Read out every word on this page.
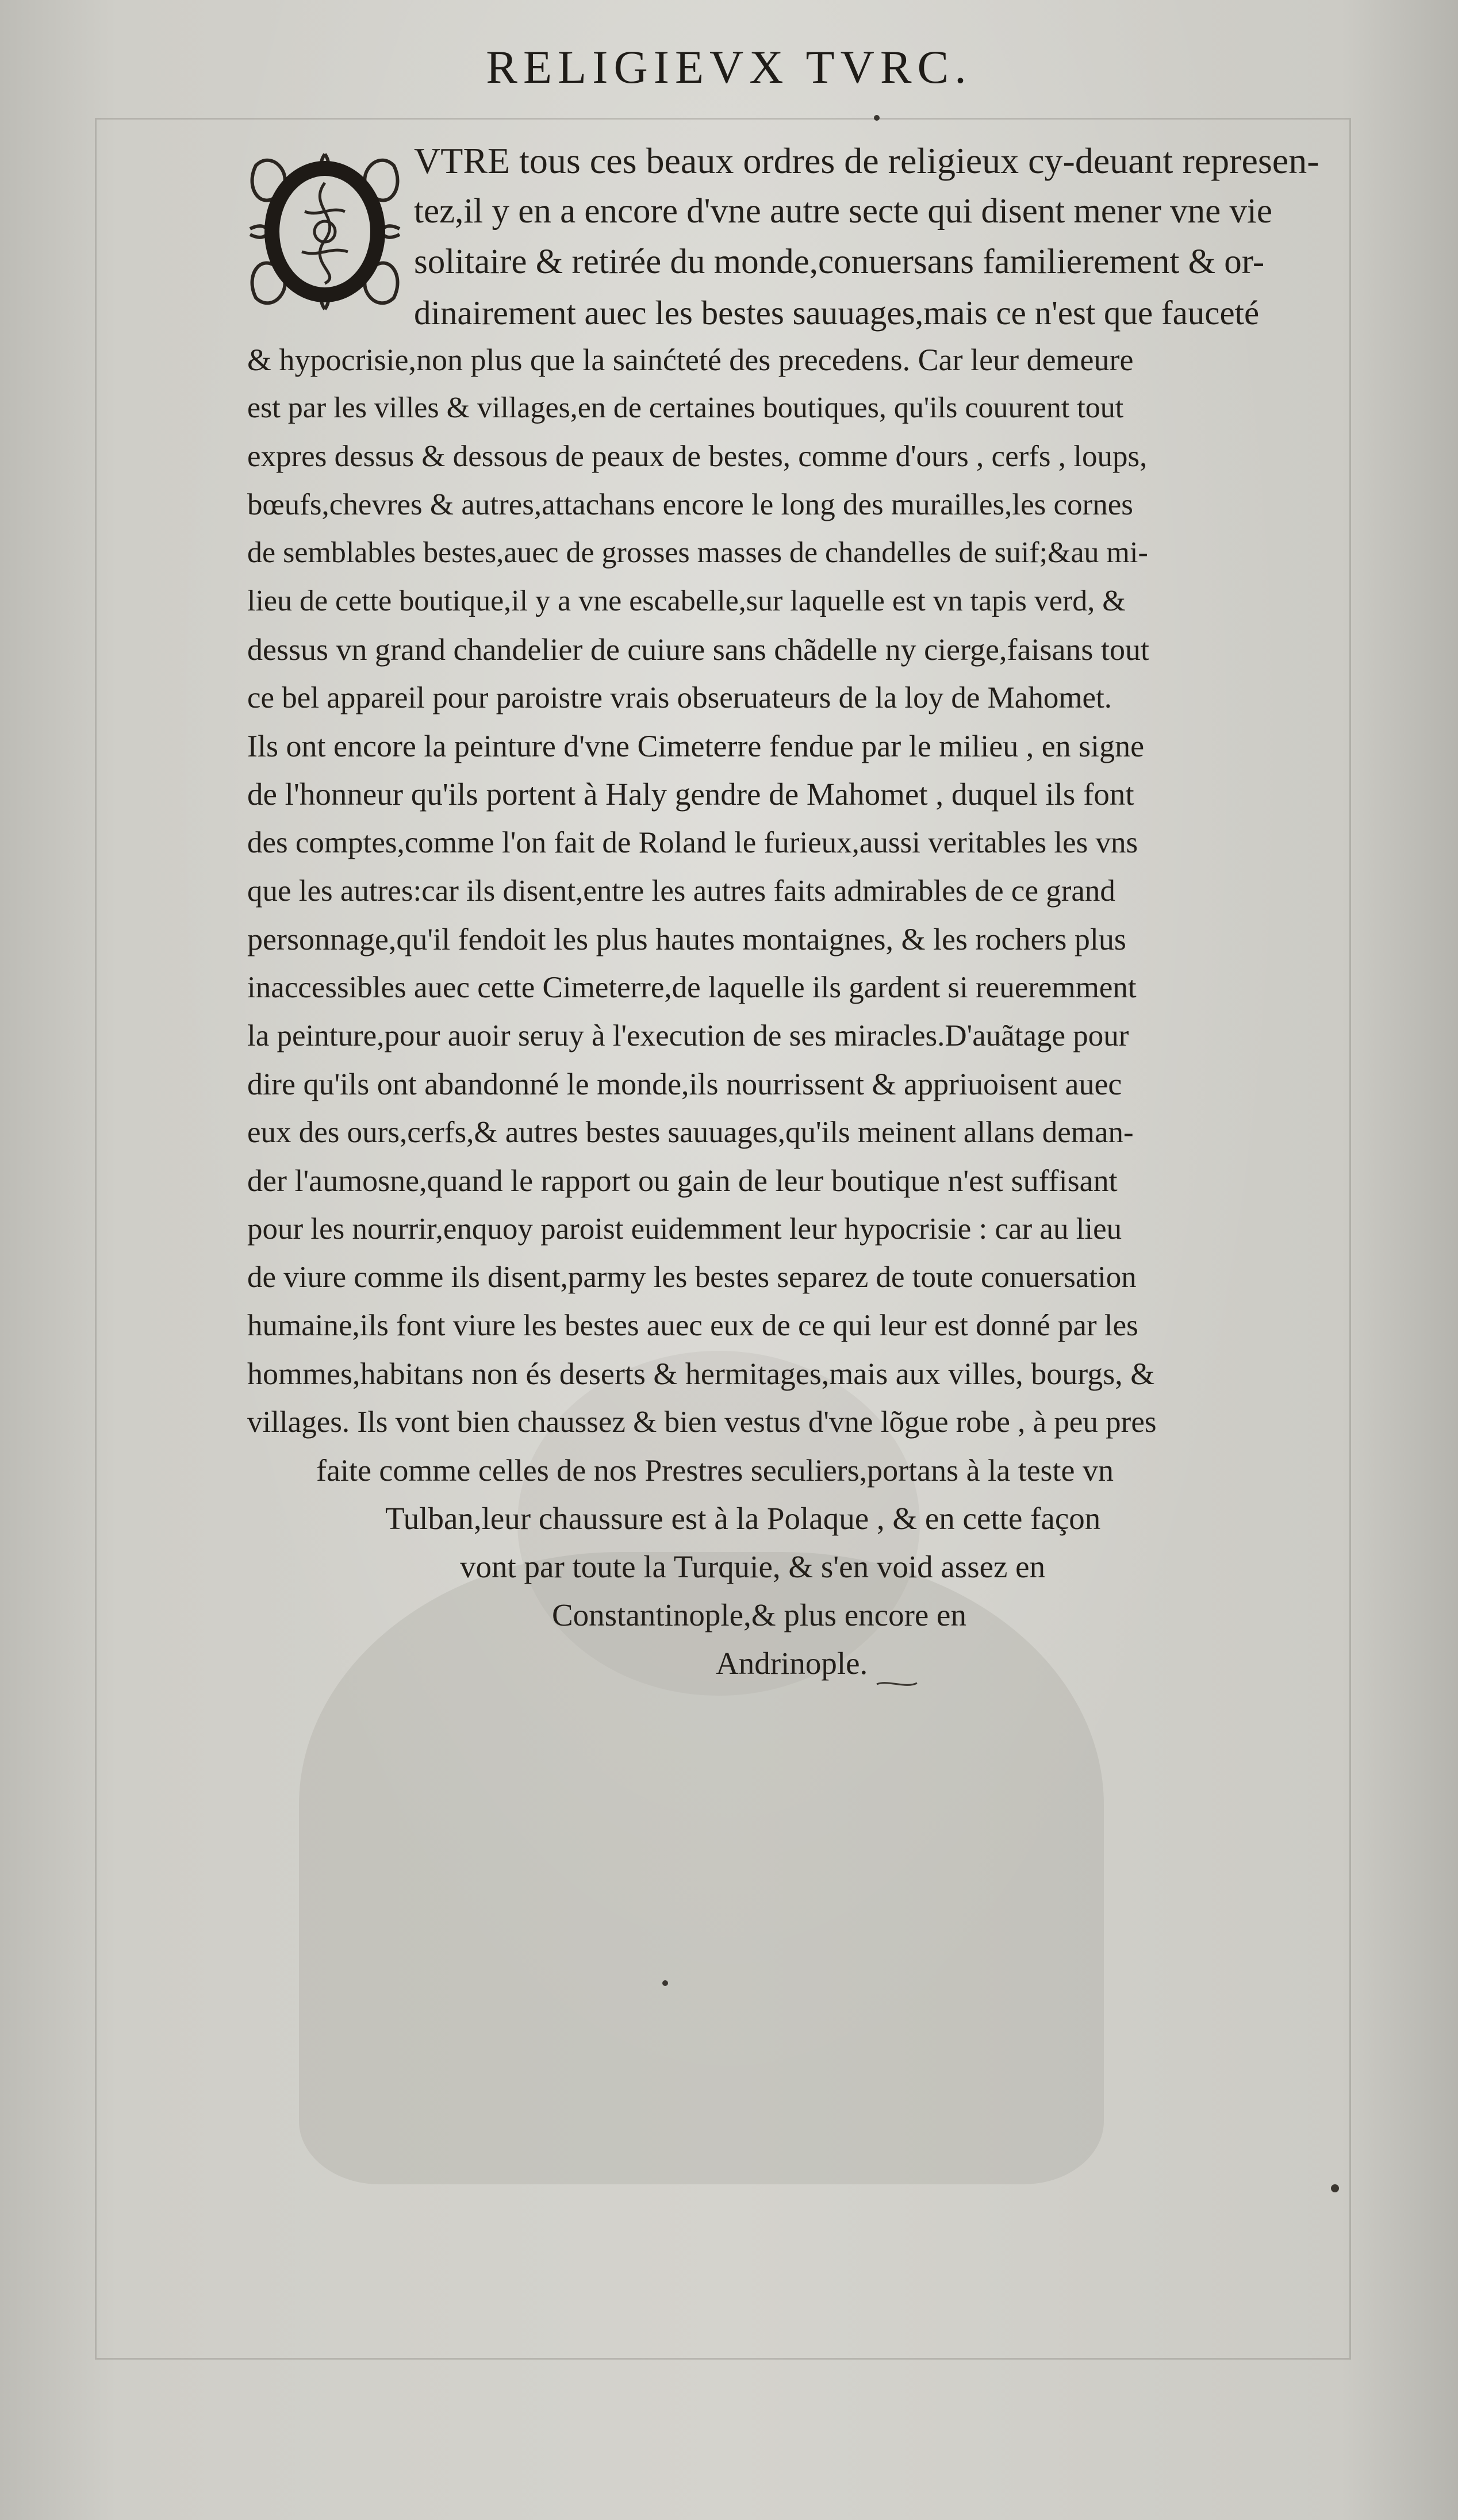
RELIGIEVX TVRC.
VTRE tous ces beaux ordres de religieux cy-deuant represen-
tez,il y en a encore d'vne autre secte qui disent mener vne vie
solitaire & retirée du monde,conuersans familierement & or-
dinairement auec les bestes sauuages,mais ce n'est que fauceté
& hypocrisie,non plus que la sainćteté des precedens. Car leur demeure
est par les villes & villages,en de certaines boutiques, qu'ils couurent tout
expres dessus & dessous de peaux de bestes, comme d'ours , cerfs , loups,
bœufs,chevres & autres,attachans encore le long des murailles,les cornes
de semblables bestes,auec de grosses masses de chandelles de suif;&au mi-
lieu de cette boutique,il y a vne escabelle,sur laquelle est vn tapis verd, &
dessus vn grand chandelier de cuiure sans chãdelle ny cierge,faisans tout
ce bel appareil pour paroistre vrais obseruateurs de la loy de Mahomet.
Ils ont encore la peinture d'vne Cimeterre fendue par le milieu , en signe
de l'honneur qu'ils portent à Haly gendre de Mahomet , duquel ils font
des comptes,comme l'on fait de Roland le furieux,aussi veritables les vns
que les autres:car ils disent,entre les autres faits admirables de ce grand
personnage,qu'il fendoit les plus hautes montaignes, & les rochers plus
inaccessibles auec cette Cimeterre,de laquelle ils gardent si reueremment
la peinture,pour auoir seruy à l'execution de ses miracles.D'auãtage pour
dire qu'ils ont abandonné le monde,ils nourrissent & appriuoisent auec
eux des ours,cerfs,& autres bestes sauuages,qu'ils meinent allans deman-
der l'aumosne,quand le rapport ou gain de leur boutique n'est suffisant
pour les nourrir,enquoy paroist euidemment leur hypocrisie : car au lieu
de viure comme ils disent,parmy les bestes separez de toute conuersation
humaine,ils font viure les bestes auec eux de ce qui leur est donné par les
hommes,habitans non és deserts & hermitages,mais aux villes, bourgs, &
villages. Ils vont bien chaussez & bien vestus d'vne lõgue robe , à peu pres
faite comme celles de nos Prestres seculiers,portans à la teste vn
Tulban,leur chaussure est à la Polaque , & en cette façon
vont par toute la Turquie, & s'en void assez en
Constantinople,& plus encore en
Andrinople.
